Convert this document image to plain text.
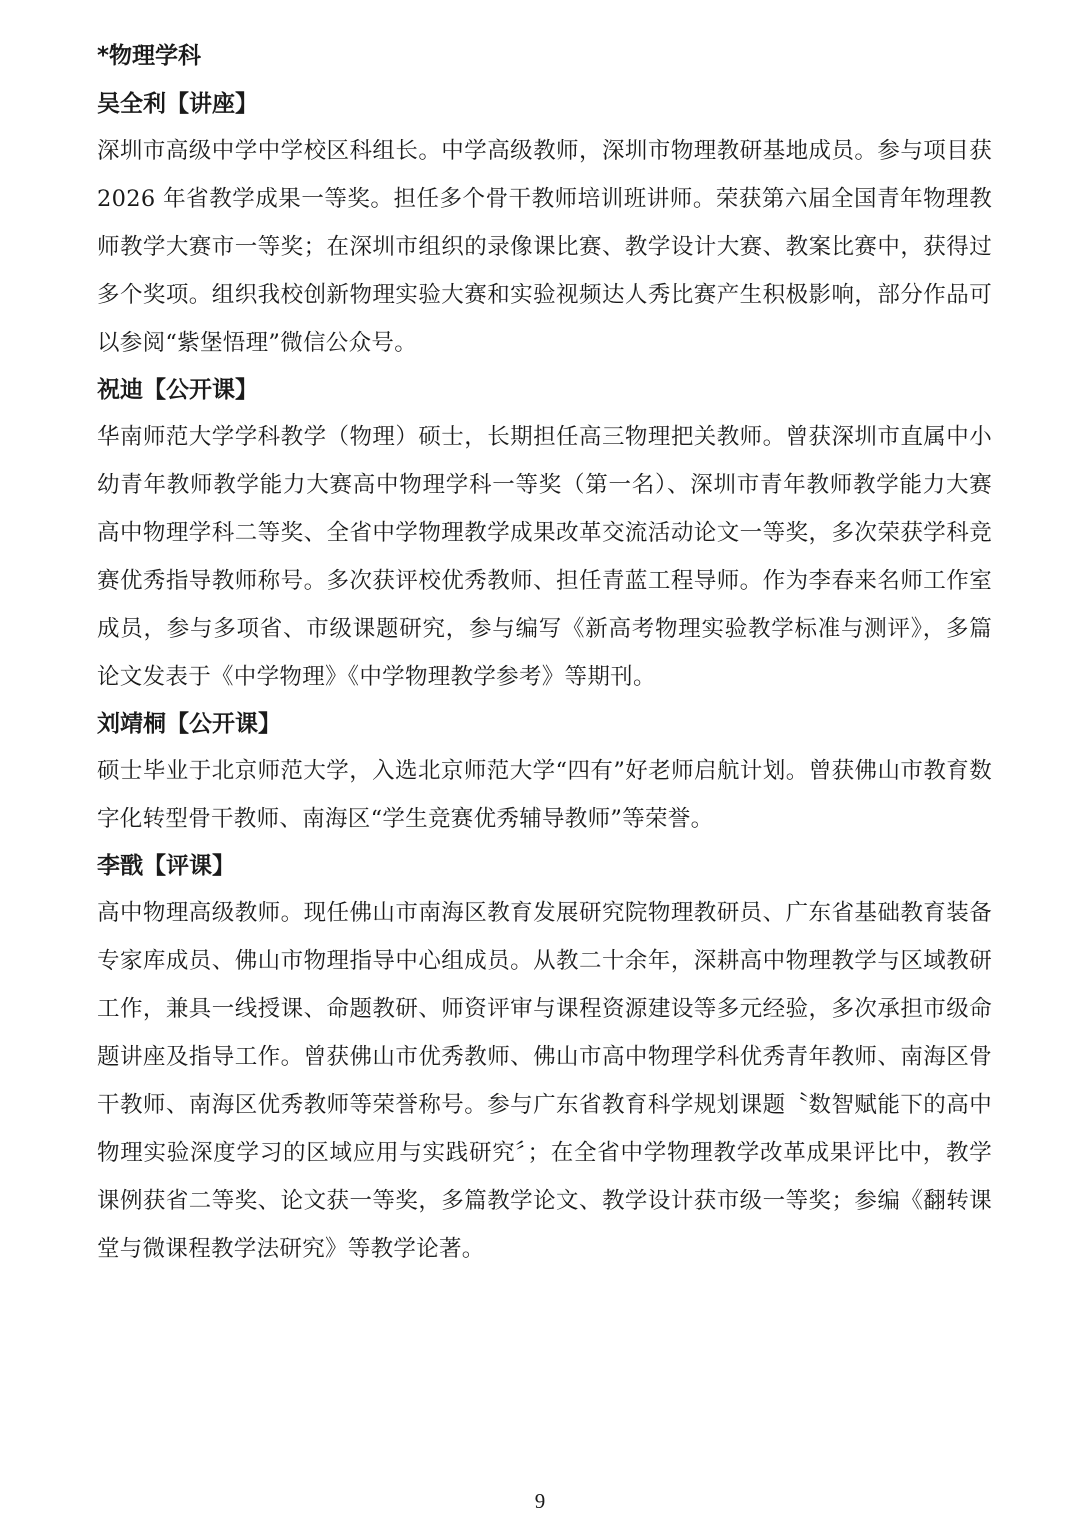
*物理学科
吴全利【讲座】

深圳市高级中学中学校区科组长。中学高级教师，深圳市物理教研基地成员。参与项目获 2026 年省教学成果一等奖。担任多个骨干教师培训班讲师。荣获第六届全国青年物理教师教学大赛市一等奖；在深圳市组织的录像课比赛、教学设计大赛、教案比赛中，获得过多个奖项。组织我校创新物理实验大赛和实验视频达人秀比赛产生积极影响，部分作品可以参阅“紫堡悟理”微信公众号。

祝迪【公开课】

华南师范大学学科教学（物理）硕士，长期担任高三物理把关教师。曾获深圳市直属中小幼青年教师教学能力大赛高中物理学科一等奖（第一名）、深圳市青年教师教学能力大赛高中物理学科二等奖、全省中学物理教学成果改革交流活动论文一等奖，多次荣获学科竞赛优秀指导教师称号。多次获评校优秀教师、担任青蓝工程导师。作为李春来名师工作室成员，参与多项省、市级课题研究，参与编写《新高考物理实验教学标准与测评》，多篇论文发表于《中学物理》《中学物理教学参考》等期刊。

刘靖桐【公开课】

硕士毕业于北京师范大学，入选北京师范大学“四有”好老师启航计划。曾获佛山市教育数字化转型骨干教师、南海区“学生竞赛优秀辅导教师”等荣誉。

李戬【评课】

高中物理高级教师。现任佛山市南海区教育发展研究院物理教研员、广东省基础教育装备专家库成员、佛山市物理指导中心组成员。从教二十余年，深耕高中物理教学与区域教研工作，兼具一线授课、命题教研、师资评审与课程资源建设等多元经验，多次承担市级命题讲座及指导工作。曾获佛山市优秀教师、佛山市高中物理学科优秀青年教师、南海区骨干教师、南海区优秀教师等荣誉称号。参与广东省教育科学规划课题〝数智赋能下的高中物理实验深度学习的区域应用与实践研究〞；在全省中学物理教学改革成果评比中，教学课例获省二等奖、论文获一等奖，多篇教学论文、教学设计获市级一等奖；参编《翻转课堂与微课程教学法研究》等教学论著。

9
